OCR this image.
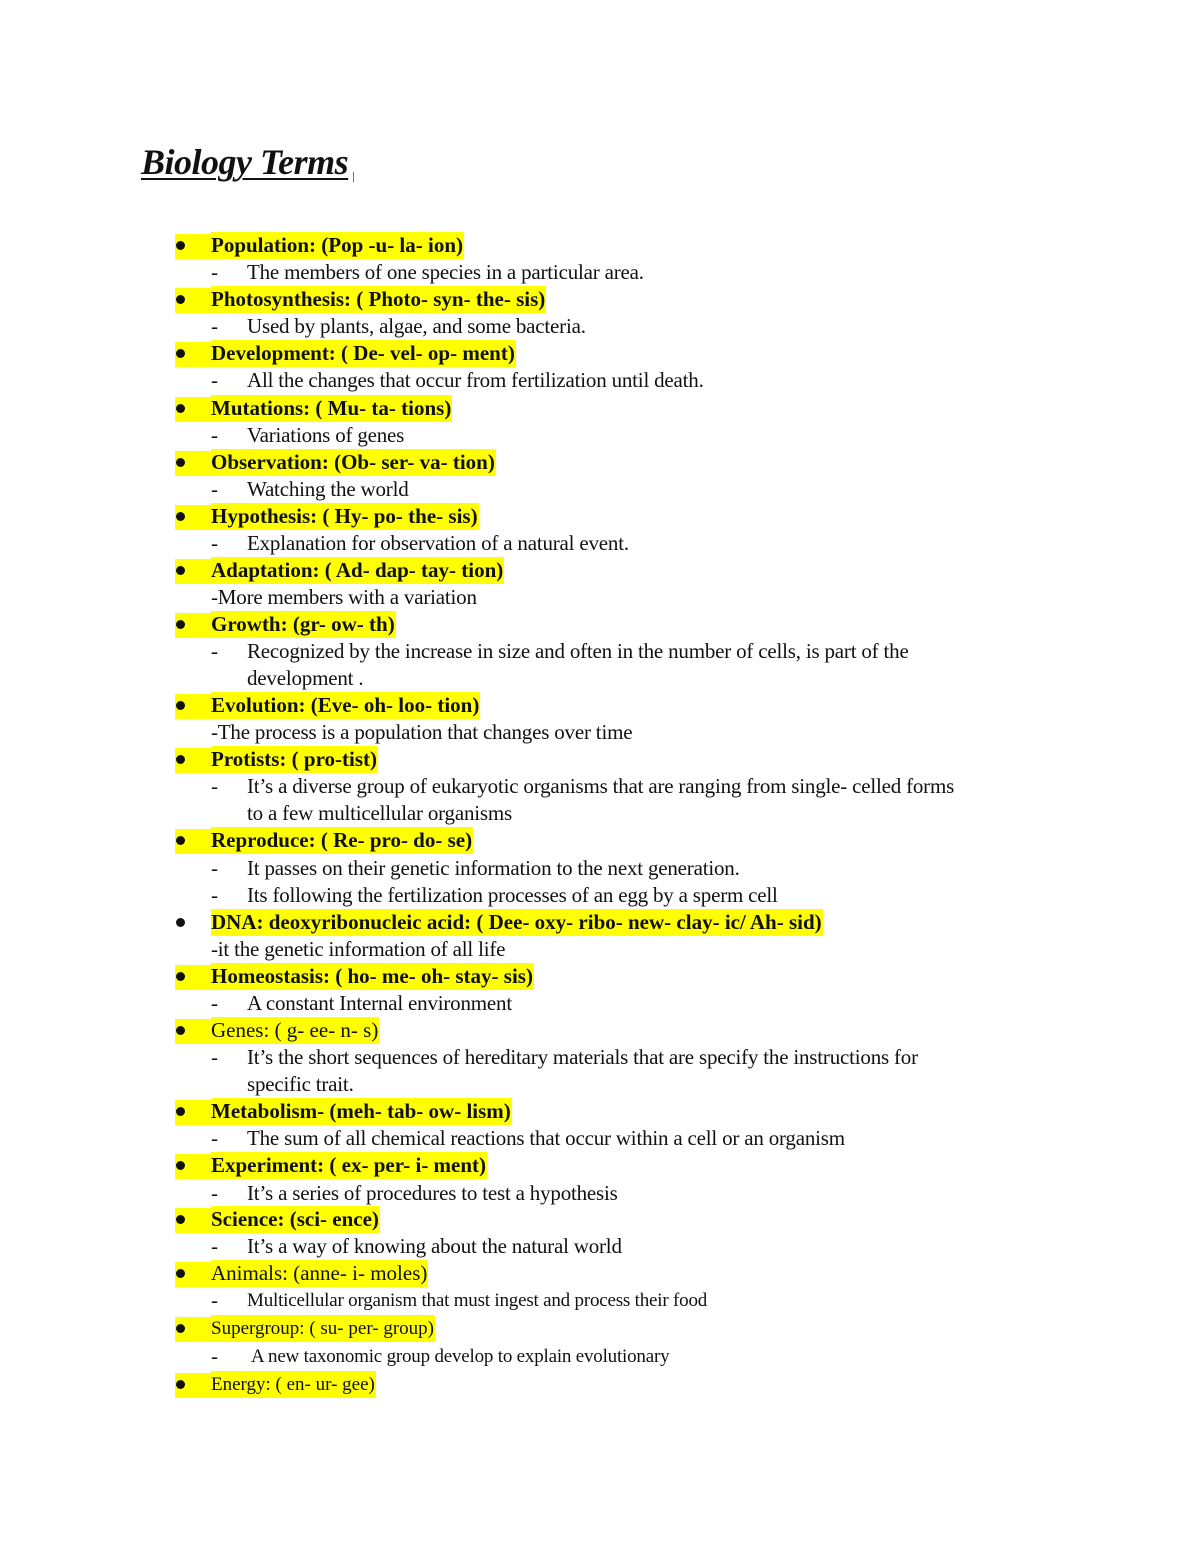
Biology Terms |
Population: (Pop -u- la- ion)
- The members of one species in a particular area.
Photosynthesis: ( Photo- syn- the- sis)
- Used by plants, algae, and some bacteria.
Development: ( De- vel- op- ment)
- All the changes that occur from fertilization until death.
Mutations: ( Mu- ta- tions)
- Variations of genes
Observation: (Ob- ser- va- tion)
- Watching the world
Hypothesis: ( Hy- po- the- sis)
- Explanation for observation of a natural event.
Adaptation: ( Ad- dap- tay- tion)
-More members with a variation
Growth: (gr- ow- th)
- Recognized by the increase in size and often in the number of cells, is part of the
development .
Evolution: (Eve- oh- loo- tion)
-The process is a population that changes over time
Protists: ( pro-tist)
- It’s a diverse group of eukaryotic organisms that are ranging from single- celled forms
to a few multicellular organisms
Reproduce: ( Re- pro- do- se)
- It passes on their genetic information to the next generation.
- Its following the fertilization processes of an egg by a sperm cell
DNA: deoxyribonucleic acid: ( Dee- oxy- ribo- new- clay- ic/ Ah- sid)
-it the genetic information of all life
Homeostasis: ( ho- me- oh- stay- sis)
- A constant Internal environment
Genes: ( g- ee- n- s)
- It’s the short sequences of hereditary materials that are specify the instructions for
specific trait.
Metabolism- (meh- tab- ow- lism)
- The sum of all chemical reactions that occur within a cell or an organism
Experiment: ( ex- per- i- ment)
- It’s a series of procedures to test a hypothesis
Science: (sci- ence)
- It’s a way of knowing about the natural world
Animals: (anne- i- moles)
- Multicellular organism that must ingest and process their food
Supergroup: ( su- per- group)
- A new taxonomic group develop to explain evolutionary
Energy: ( en- ur- gee)
